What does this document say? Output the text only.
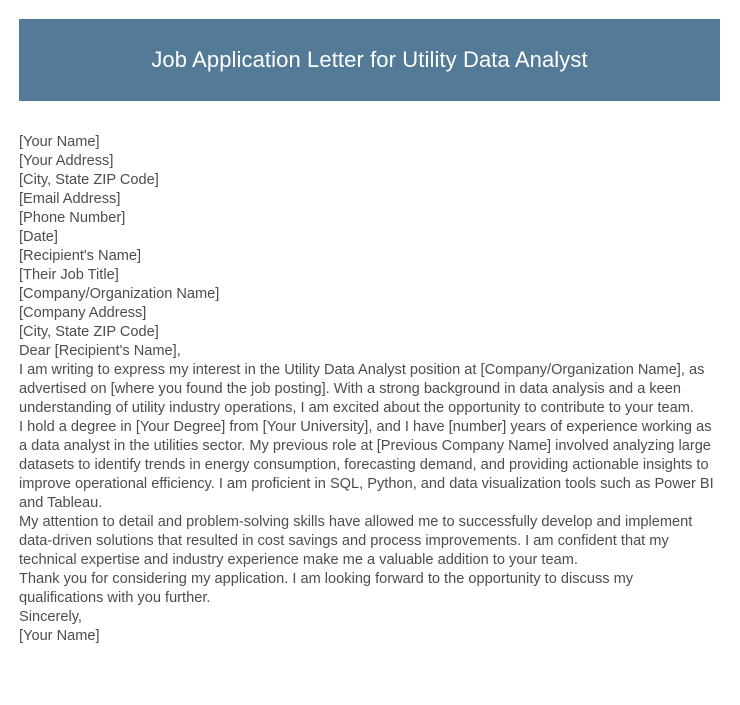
Job Application Letter for Utility Data Analyst
[Your Name]
[Your Address]
[City, State ZIP Code]
[Email Address]
[Phone Number]
[Date]
[Recipient's Name]
[Their Job Title]
[Company/Organization Name]
[Company Address]
[City, State ZIP Code]
Dear [Recipient's Name],

I am writing to express my interest in the Utility Data Analyst position at [Company/Organization Name], as advertised on [where you found the job posting]. With a strong background in data analysis and a keen understanding of utility industry operations, I am excited about the opportunity to contribute to your team.

I hold a degree in [Your Degree] from [Your University], and I have [number] years of experience working as a data analyst in the utilities sector. My previous role at [Previous Company Name] involved analyzing large datasets to identify trends in energy consumption, forecasting demand, and providing actionable insights to improve operational efficiency. I am proficient in SQL, Python, and data visualization tools such as Power BI and Tableau.

My attention to detail and problem-solving skills have allowed me to successfully develop and implement data-driven solutions that resulted in cost savings and process improvements. I am confident that my technical expertise and industry experience make me a valuable addition to your team.

Thank you for considering my application. I am looking forward to the opportunity to discuss my qualifications with you further.

Sincerely,
[Your Name]
